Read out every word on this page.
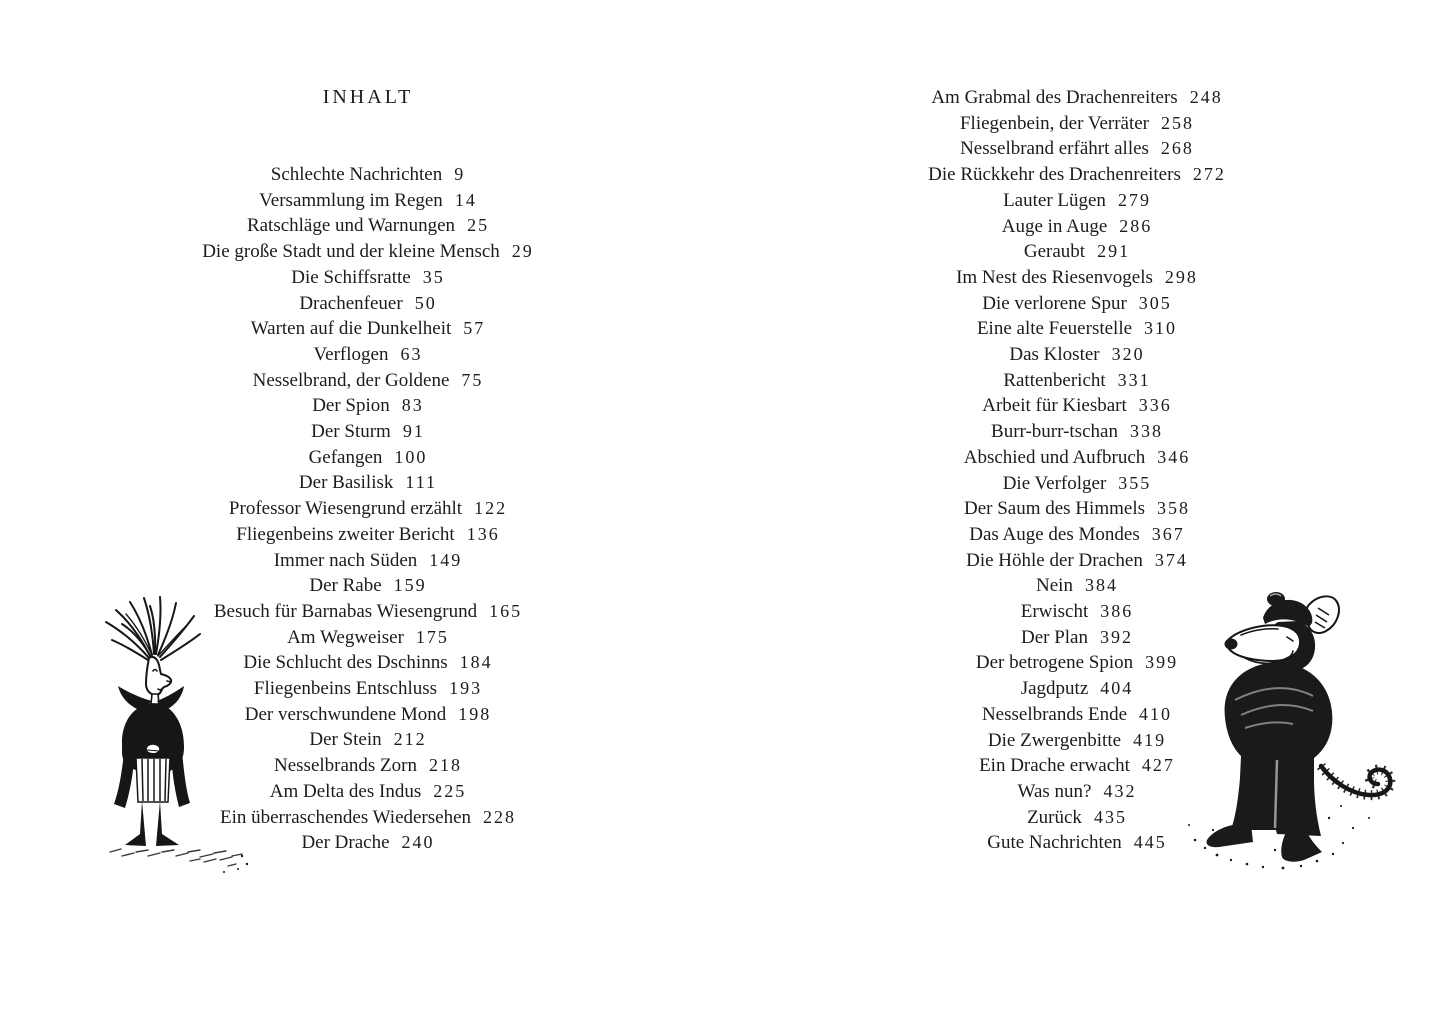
INHALT
Schlechte Nachrichten 9
Versammlung im Regen 14
Ratschläge und Warnungen 25
Die große Stadt und der kleine Mensch 29
Die Schiffsratte 35
Drachenfeuer 50
Warten auf die Dunkelheit 57
Verflogen 63
Nesselbrand, der Goldene 75
Der Spion 83
Der Sturm 91
Gefangen 100
Der Basilisk 111
Professor Wiesengrund erzählt 122
Fliegenbeins zweiter Bericht 136
Immer nach Süden 149
Der Rabe 159
Besuch für Barnabas Wiesengrund 165
Am Wegweiser 175
Die Schlucht des Dschinns 184
Fliegenbeins Entschluss 193
Der verschwundene Mond 198
Der Stein 212
Nesselbrands Zorn 218
Am Delta des Indus 225
Ein überraschendes Wiedersehen 228
Der Drache 240
Am Grabmal des Drachenreiters 248
Fliegenbein, der Verräter 258
Nesselbrand erfährt alles 268
Die Rückkehr des Drachenreiters 272
Lauter Lügen 279
Auge in Auge 286
Geraubt 291
Im Nest des Riesenvogels 298
Die verlorene Spur 305
Eine alte Feuerstelle 310
Das Kloster 320
Rattenbericht 331
Arbeit für Kiesbart 336
Burr-burr-tschan 338
Abschied und Aufbruch 346
Die Verfolger 355
Der Saum des Himmels 358
Das Auge des Mondes 367
Die Höhle der Drachen 374
Nein 384
Erwischt 386
Der Plan 392
Der betrogene Spion 399
Jagdputz 404
Nesselbrands Ende 410
Die Zwergenbitte 419
Ein Drache erwacht 427
Was nun? 432
Zurück 435
Gute Nachrichten 445
